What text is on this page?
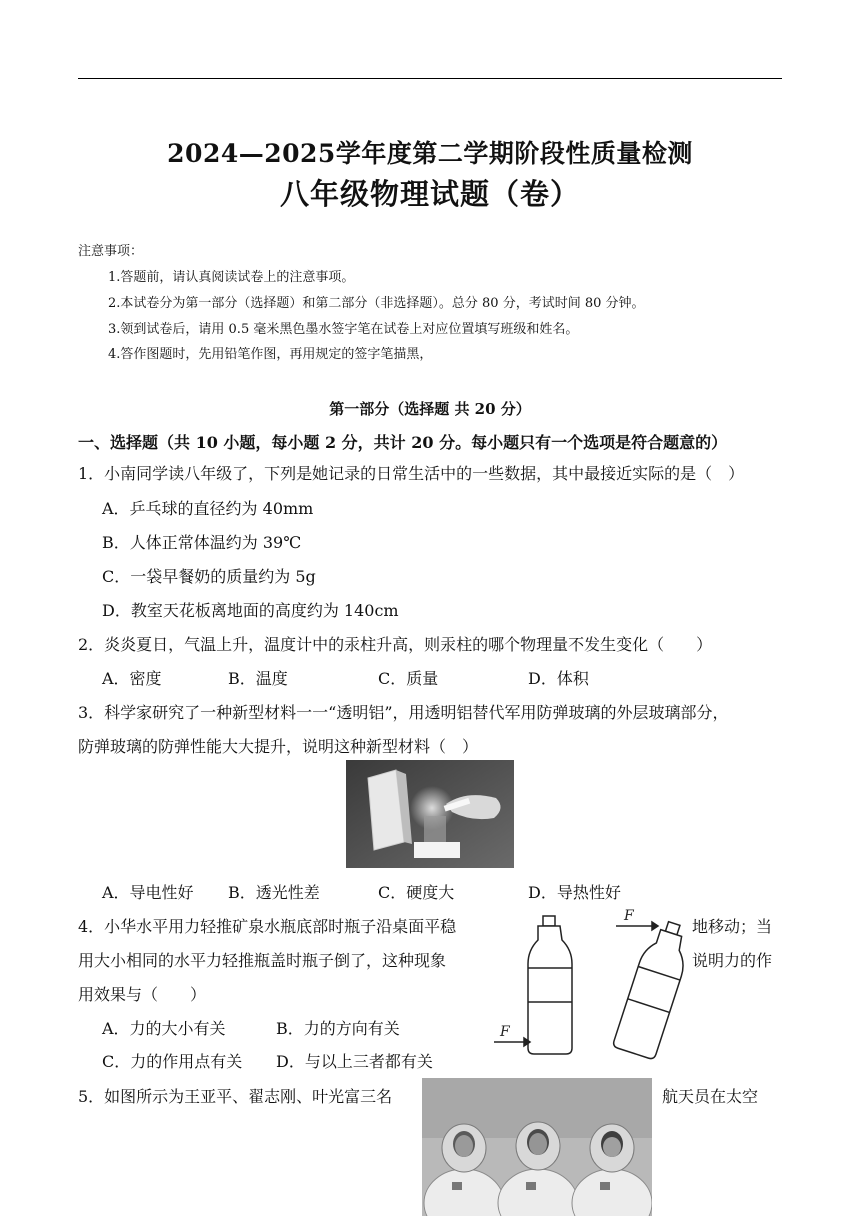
2024—2025学年度第二学期阶段性质量检测
八年级物理试题（卷）
注意事项：
1.答题前，请认真阅读试卷上的注意事项。
2.本试卷分为第一部分（选择题）和第二部分（非选择题）。总分 80 分，考试时间 80 分钟。
3.领到试卷后，请用 0.5 毫米黑色墨水签字笔在试卷上对应位置填写班级和姓名。
4.答作图题时，先用铅笔作图，再用规定的签字笔描黑，
第一部分（选择题 共 20 分）
一、选择题（共 10 小题，每小题 2 分，共计 20 分。每小题只有一个选项是符合题意的）
1．小南同学读八年级了，下列是她记录的日常生活中的一些数据，其中最接近实际的是（　）
A．乒乓球的直径约为 40mm
B．人体正常体温约为 39℃
C．一袋早餐奶的质量约为 5g
D．教室天花板离地面的高度约为 140cm
2．炎炎夏日，气温上升，温度计中的汞柱升高，则汞柱的哪个物理量不发生变化（　　）
A．密度	B．温度	C．质量	D．体积
3．科学家研究了一种新型材料一一“透明铝”，用透明铝替代军用防弹玻璃的外层玻璃部分，
防弹玻璃的防弹性能大大提升，说明这种新型材料（　）
A．导电性好 B．透光性差	C．硬度大	D．导热性好
4．小华水平用力轻推矿泉水瓶底部时瓶子沿桌面平稳	地移动；当
用大小相同的水平力轻推瓶盖时瓶子倒了，这种现象	说明力的作
用效果与（　　）
F
F
A．力的大小有关	B．力的方向有关
C．力的作用点有关 D．与以上三者都有关
5．如图所示为王亚平、翟志刚、叶光富三名	航天员在太空
